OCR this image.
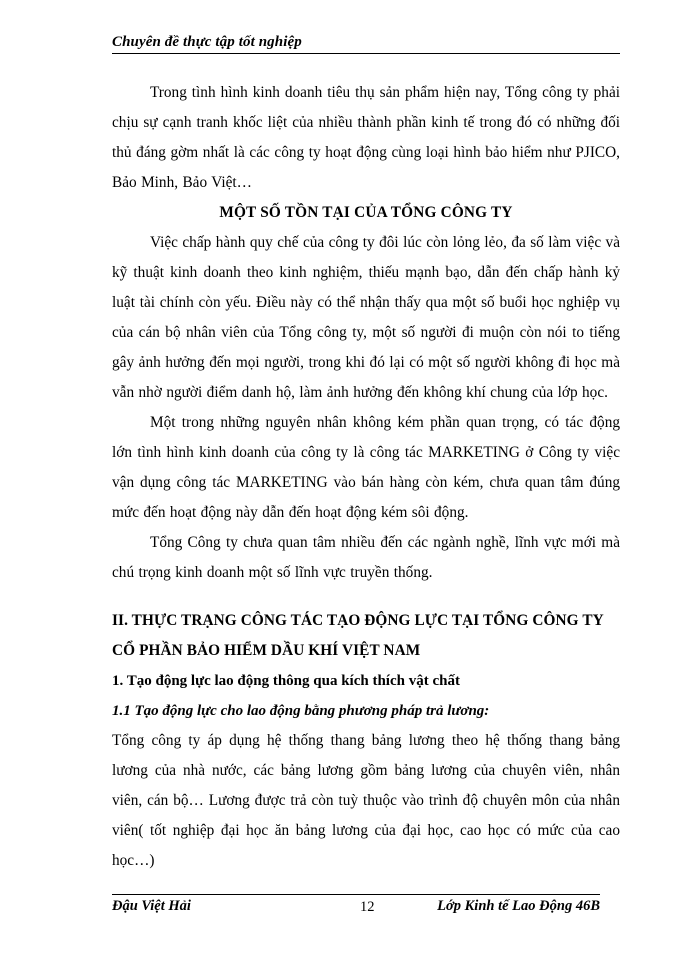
Chuyên đề thực tập tốt nghiệp

Trong tình hình kinh doanh tiêu thụ sản phẩm hiện nay, Tổng công ty phải chịu sự cạnh tranh khốc liệt của nhiều thành phần kinh tế trong đó có những đối thủ đáng gờm nhất là các công ty hoạt động cùng loại hình bảo hiểm như PJICO, Bảo Minh, Bảo Việt…

MỘT SỐ TỒN TẠI CỦA TỔNG CÔNG TY

Việc chấp hành quy chế của công ty đôi lúc còn lỏng lẻo, đa số làm việc và kỹ thuật kinh doanh theo kinh nghiệm, thiếu mạnh bạo, dẫn đến chấp hành kỷ luật tài chính còn yếu. Điều này có thể nhận thấy qua một số buổi học nghiệp vụ của cán bộ nhân viên của Tổng công ty, một số người đi muộn còn nói to tiếng gây ảnh hưởng đến mọi người, trong khi đó lại có một số người không đi học mà vẫn nhờ người điểm danh hộ, làm ảnh hưởng đến không khí chung của lớp học.

Một trong những nguyên nhân không kém phần quan trọng, có tác động lớn tình hình kinh doanh của công ty là công tác MARKETING ở Công ty việc vận dụng công tác MARKETING vào bán hàng còn kém, chưa quan tâm đúng mức đến hoạt động này dẫn đến hoạt động kém sôi động.

Tổng Công ty chưa quan tâm nhiều đến các ngành nghề, lĩnh vực mới mà chú trọng kinh doanh một số lĩnh vực truyền thống.

II. THỰC TRẠNG CÔNG TÁC TẠO ĐỘNG LỰC TẠI TỔNG CÔNG TY CỔ PHẦN BẢO HIỂM DẦU KHÍ VIỆT NAM

1. Tạo động lực lao động thông qua kích thích vật chất

1.1 Tạo động lực cho lao động bằng phương pháp trả lương:

Tổng công ty áp dụng hệ thống thang bảng lương theo hệ thống thang bảng lương của nhà nước, các bảng lương gồm bảng lương của chuyên viên, nhân viên, cán bộ… Lương được trả còn tuỳ thuộc vào trình độ chuyên môn của nhân viên( tốt nghiệp đại học ăn bảng lương của đại học, cao học có mức của cao học…)

Đậu Việt Hải	12	Lớp Kinh tế Lao Động 46B
